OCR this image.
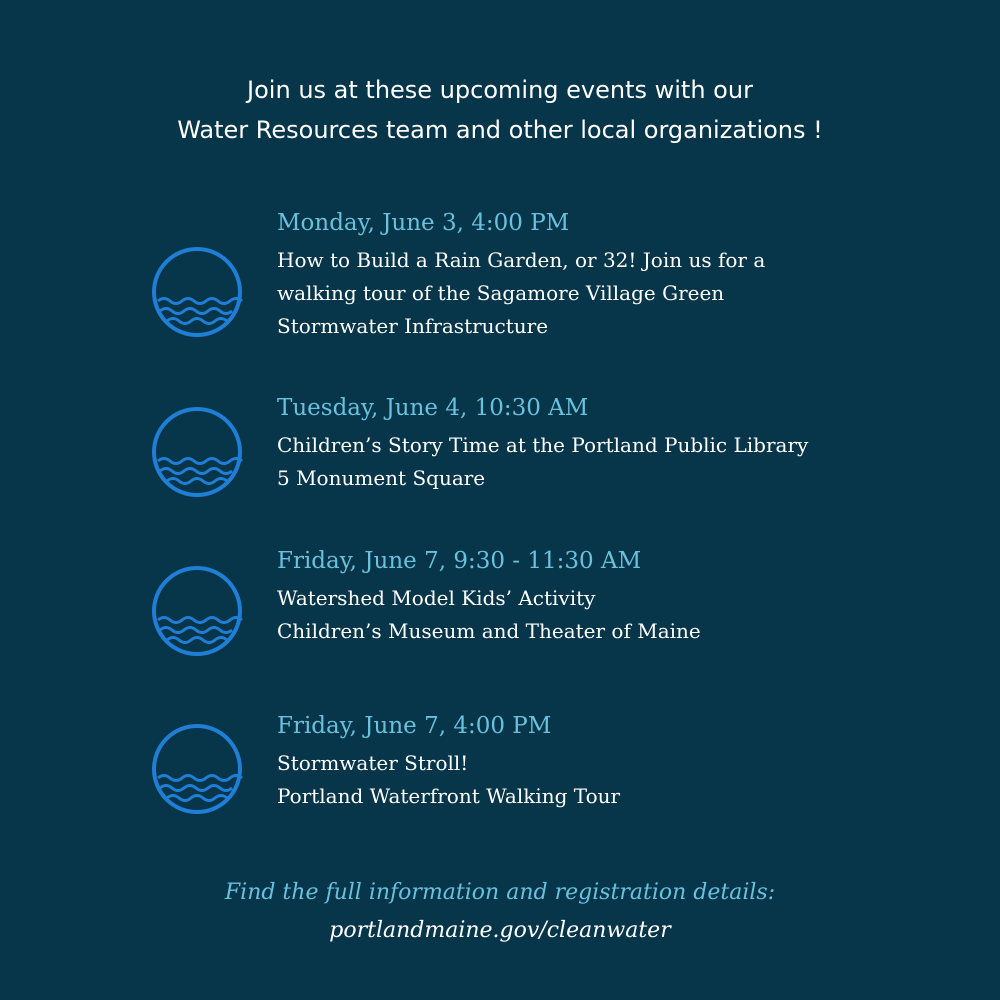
Join us at these upcoming events with our
Water Resources team and other local organizations !
Monday, June 3, 4:00 PM
How to Build a Rain Garden, or 32! Join us for a
walking tour of the Sagamore Village Green
Stormwater Infrastructure
Tuesday, June 4, 10:30 AM
Children’s Story Time at the Portland Public Library
5 Monument Square
Friday, June 7, 9:30 - 11:30 AM
Watershed Model Kids’ Activity
Children’s Museum and Theater of Maine
Friday, June 7, 4:00 PM
Stormwater Stroll!
Portland Waterfront Walking Tour
Find the full information and registration details:
portlandmaine.gov/cleanwater
